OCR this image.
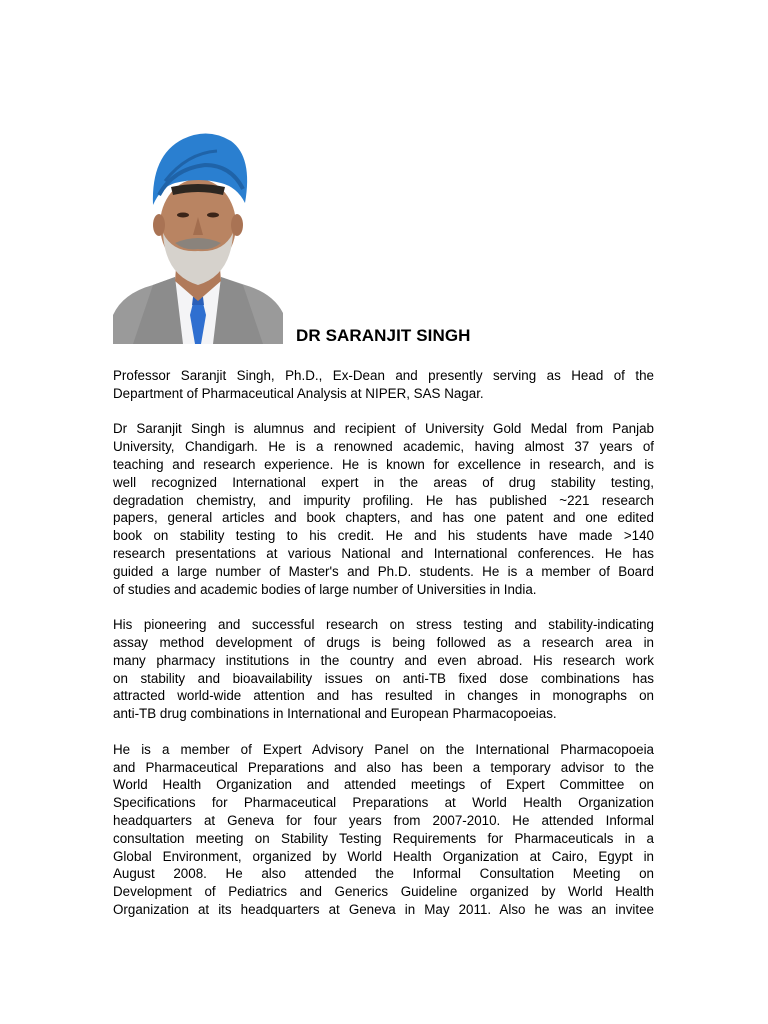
DR SARANJIT SINGH
Professor Saranjit Singh, Ph.D., Ex-Dean and presently serving as Head of the
Department of Pharmaceutical Analysis at NIPER, SAS Nagar.
Dr Saranjit Singh is alumnus and recipient of University Gold Medal from Panjab
University, Chandigarh. He is a renowned academic, having almost 37 years of
teaching and research experience. He is known for excellence in research, and is
well recognized International expert in the areas of drug stability testing,
degradation chemistry, and impurity profiling. He has published ~221 research
papers, general articles and book chapters, and has one patent and one edited
book on stability testing to his credit. He and his students have made >140
research presentations at various National and International conferences. He has
guided a large number of Master's and Ph.D. students. He is a member of Board
of studies and academic bodies of large number of Universities in India.
His pioneering and successful research on stress testing and stability-indicating
assay method development of drugs is being followed as a research area in
many pharmacy institutions in the country and even abroad. His research work
on stability and bioavailability issues on anti-TB fixed dose combinations has
attracted world-wide attention and has resulted in changes in monographs on
anti-TB drug combinations in International and European Pharmacopoeias.
He is a member of Expert Advisory Panel on the International Pharmacopoeia
and Pharmaceutical Preparations and also has been a temporary advisor to the
World Health Organization and attended meetings of Expert Committee on
Specifications for Pharmaceutical Preparations at World Health Organization
headquarters at Geneva for four years from 2007-2010. He attended Informal
consultation meeting on Stability Testing Requirements for Pharmaceuticals in a
Global Environment, organized by World Health Organization at Cairo, Egypt in
August 2008. He also attended the Informal Consultation Meeting on
Development of Pediatrics and Generics Guideline organized by World Health
Organization at its headquarters at Geneva in May 2011. Also he was an invitee
